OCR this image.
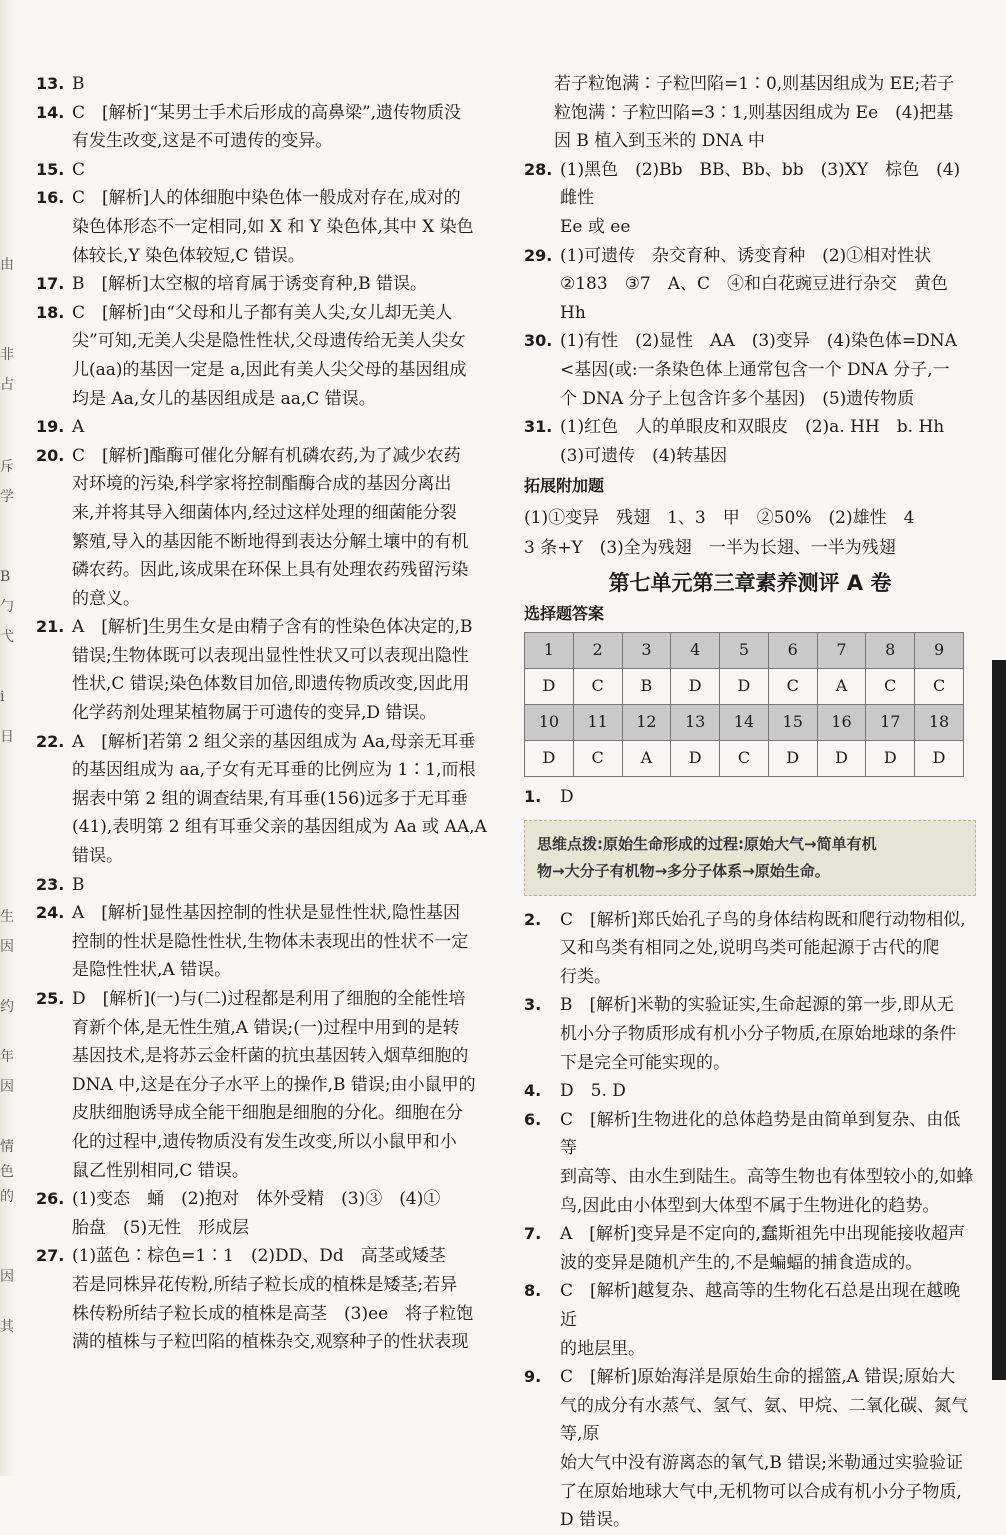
由
非
占
斥
学
B
勹
弋
i
日
生
因
约
年
因
情
色
的
因
其
13. B
14. C　[解析]“某男士手术后形成的高鼻梁”,遗传物质没
有发生改变,这是不可遗传的变异。
15. C
16. C　[解析]人的体细胞中染色体一般成对存在,成对的
染色体形态不一定相同,如 X 和 Y 染色体,其中 X 染色
体较长,Y 染色体较短,C 错误。
17. B　[解析]太空椒的培育属于诱变育种,B 错误。
18. C　[解析]由“父母和儿子都有美人尖,女儿却无美人
尖”可知,无美人尖是隐性性状,父母遗传给无美人尖女
儿(aa)的基因一定是 a,因此有美人尖父母的基因组成
均是 Aa,女儿的基因组成是 aa,C 错误。
19. A
20. C　[解析]酯酶可催化分解有机磷农药,为了减少农药
对环境的污染,科学家将控制酯酶合成的基因分离出
来,并将其导入细菌体内,经过这样处理的细菌能分裂
繁殖,导入的基因能不断地得到表达分解土壤中的有机
磷农药。因此,该成果在环保上具有处理农药残留污染
的意义。
21. A　[解析]生男生女是由精子含有的性染色体决定的,B
错误;生物体既可以表现出显性性状又可以表现出隐性
性状,C 错误;染色体数目加倍,即遗传物质改变,因此用
化学药剂处理某植物属于可遗传的变异,D 错误。
22. A　[解析]若第 2 组父亲的基因组成为 Aa,母亲无耳垂
的基因组成为 aa,子女有无耳垂的比例应为 1∶1,而根
据表中第 2 组的调查结果,有耳垂(156)远多于无耳垂
(41),表明第 2 组有耳垂父亲的基因组成为 Aa 或 AA,A
错误。
23. B
24. A　[解析]显性基因控制的性状是显性性状,隐性基因
控制的性状是隐性性状,生物体未表现出的性状不一定
是隐性性状,A 错误。
25. D　[解析](一)与(二)过程都是利用了细胞的全能性培
育新个体,是无性生殖,A 错误;(一)过程中用到的是转
基因技术,是将苏云金杆菌的抗虫基因转入烟草细胞的
DNA 中,这是在分子水平上的操作,B 错误;由小鼠甲的
皮肤细胞诱导成全能干细胞是细胞的分化。细胞在分
化的过程中,遗传物质没有发生改变,所以小鼠甲和小
鼠乙性别相同,C 错误。
26. (1)变态　蛹　(2)抱对　体外受精　(3)③　(4)①
胎盘　(5)无性　形成层
27. (1)蓝色∶棕色=1∶1　(2)DD、Dd　高茎或矮茎
若是同株异花传粉,所结子粒长成的植株是矮茎;若异
株传粉所结子粒长成的植株是高茎　(3)ee　将子粒饱
满的植株与子粒凹陷的植株杂交,观察种子的性状表现
若子粒饱满∶子粒凹陷=1∶0,则基因组成为 EE;若子
粒饱满∶子粒凹陷=3∶1,则基因组成为 Ee　(4)把基
因 B 植入到玉米的 DNA 中
28. (1)黑色　(2)Bb　BB、Bb、bb　(3)XY　棕色　(4)雌性
Ee 或 ee
29. (1)可遗传　杂交育种、诱变育种　(2)①相对性状
②183　③7　A、C　④和白花豌豆进行杂交　黄色
Hh
30. (1)有性　(2)显性　AA　(3)变异　(4)染色体=DNA
<基因(或:一条染色体上通常包含一个 DNA 分子,一
个 DNA 分子上包含许多个基因)　(5)遗传物质
31. (1)红色　人的单眼皮和双眼皮　(2)a. HH　b. Hh
(3)可遗传　(4)转基因
拓展附加题
(1)①变异　残翅　1、3　甲　②50%　(2)雄性　4
3 条+Y　(3)全为残翅　一半为长翅、一半为残翅
第七单元第三章素养测评 A 卷
选择题答案
1	2	3	4	5	6	7	8	9
D	C	B	D	D	C	A	C	C
10	11	12	13	14	15	16	17	18
D	C	A	D	C	D	D	D	D
1. D
思维点拨:原始生命形成的过程:原始大气→简单有机
物→大分子有机物→多分子体系→原始生命。
2. C　[解析]郑氏始孔子鸟的身体结构既和爬行动物相似,
又和鸟类有相同之处,说明鸟类可能起源于古代的爬
行类。
3. B　[解析]米勒的实验证实,生命起源的第一步,即从无
机小分子物质形成有机小分子物质,在原始地球的条件
下是完全可能实现的。
4. D　5. D
6. C　[解析]生物进化的总体趋势是由简单到复杂、由低等
到高等、由水生到陆生。高等生物也有体型较小的,如蜂
鸟,因此由小体型到大体型不属于生物进化的趋势。
7. A　[解析]变异是不定向的,蠢斯祖先中出现能接收超声
波的变异是随机产生的,不是蝙蝠的捕食造成的。
8. C　[解析]越复杂、越高等的生物化石总是出现在越晚近
的地层里。
9. C　[解析]原始海洋是原始生命的摇篮,A 错误;原始大
气的成分有水蒸气、氢气、氨、甲烷、二氧化碳、氮气等,原
始大气中没有游离态的氧气,B 错误;米勒通过实验验证
了在原始地球大气中,无机物可以合成有机小分子物质,
D 错误。
